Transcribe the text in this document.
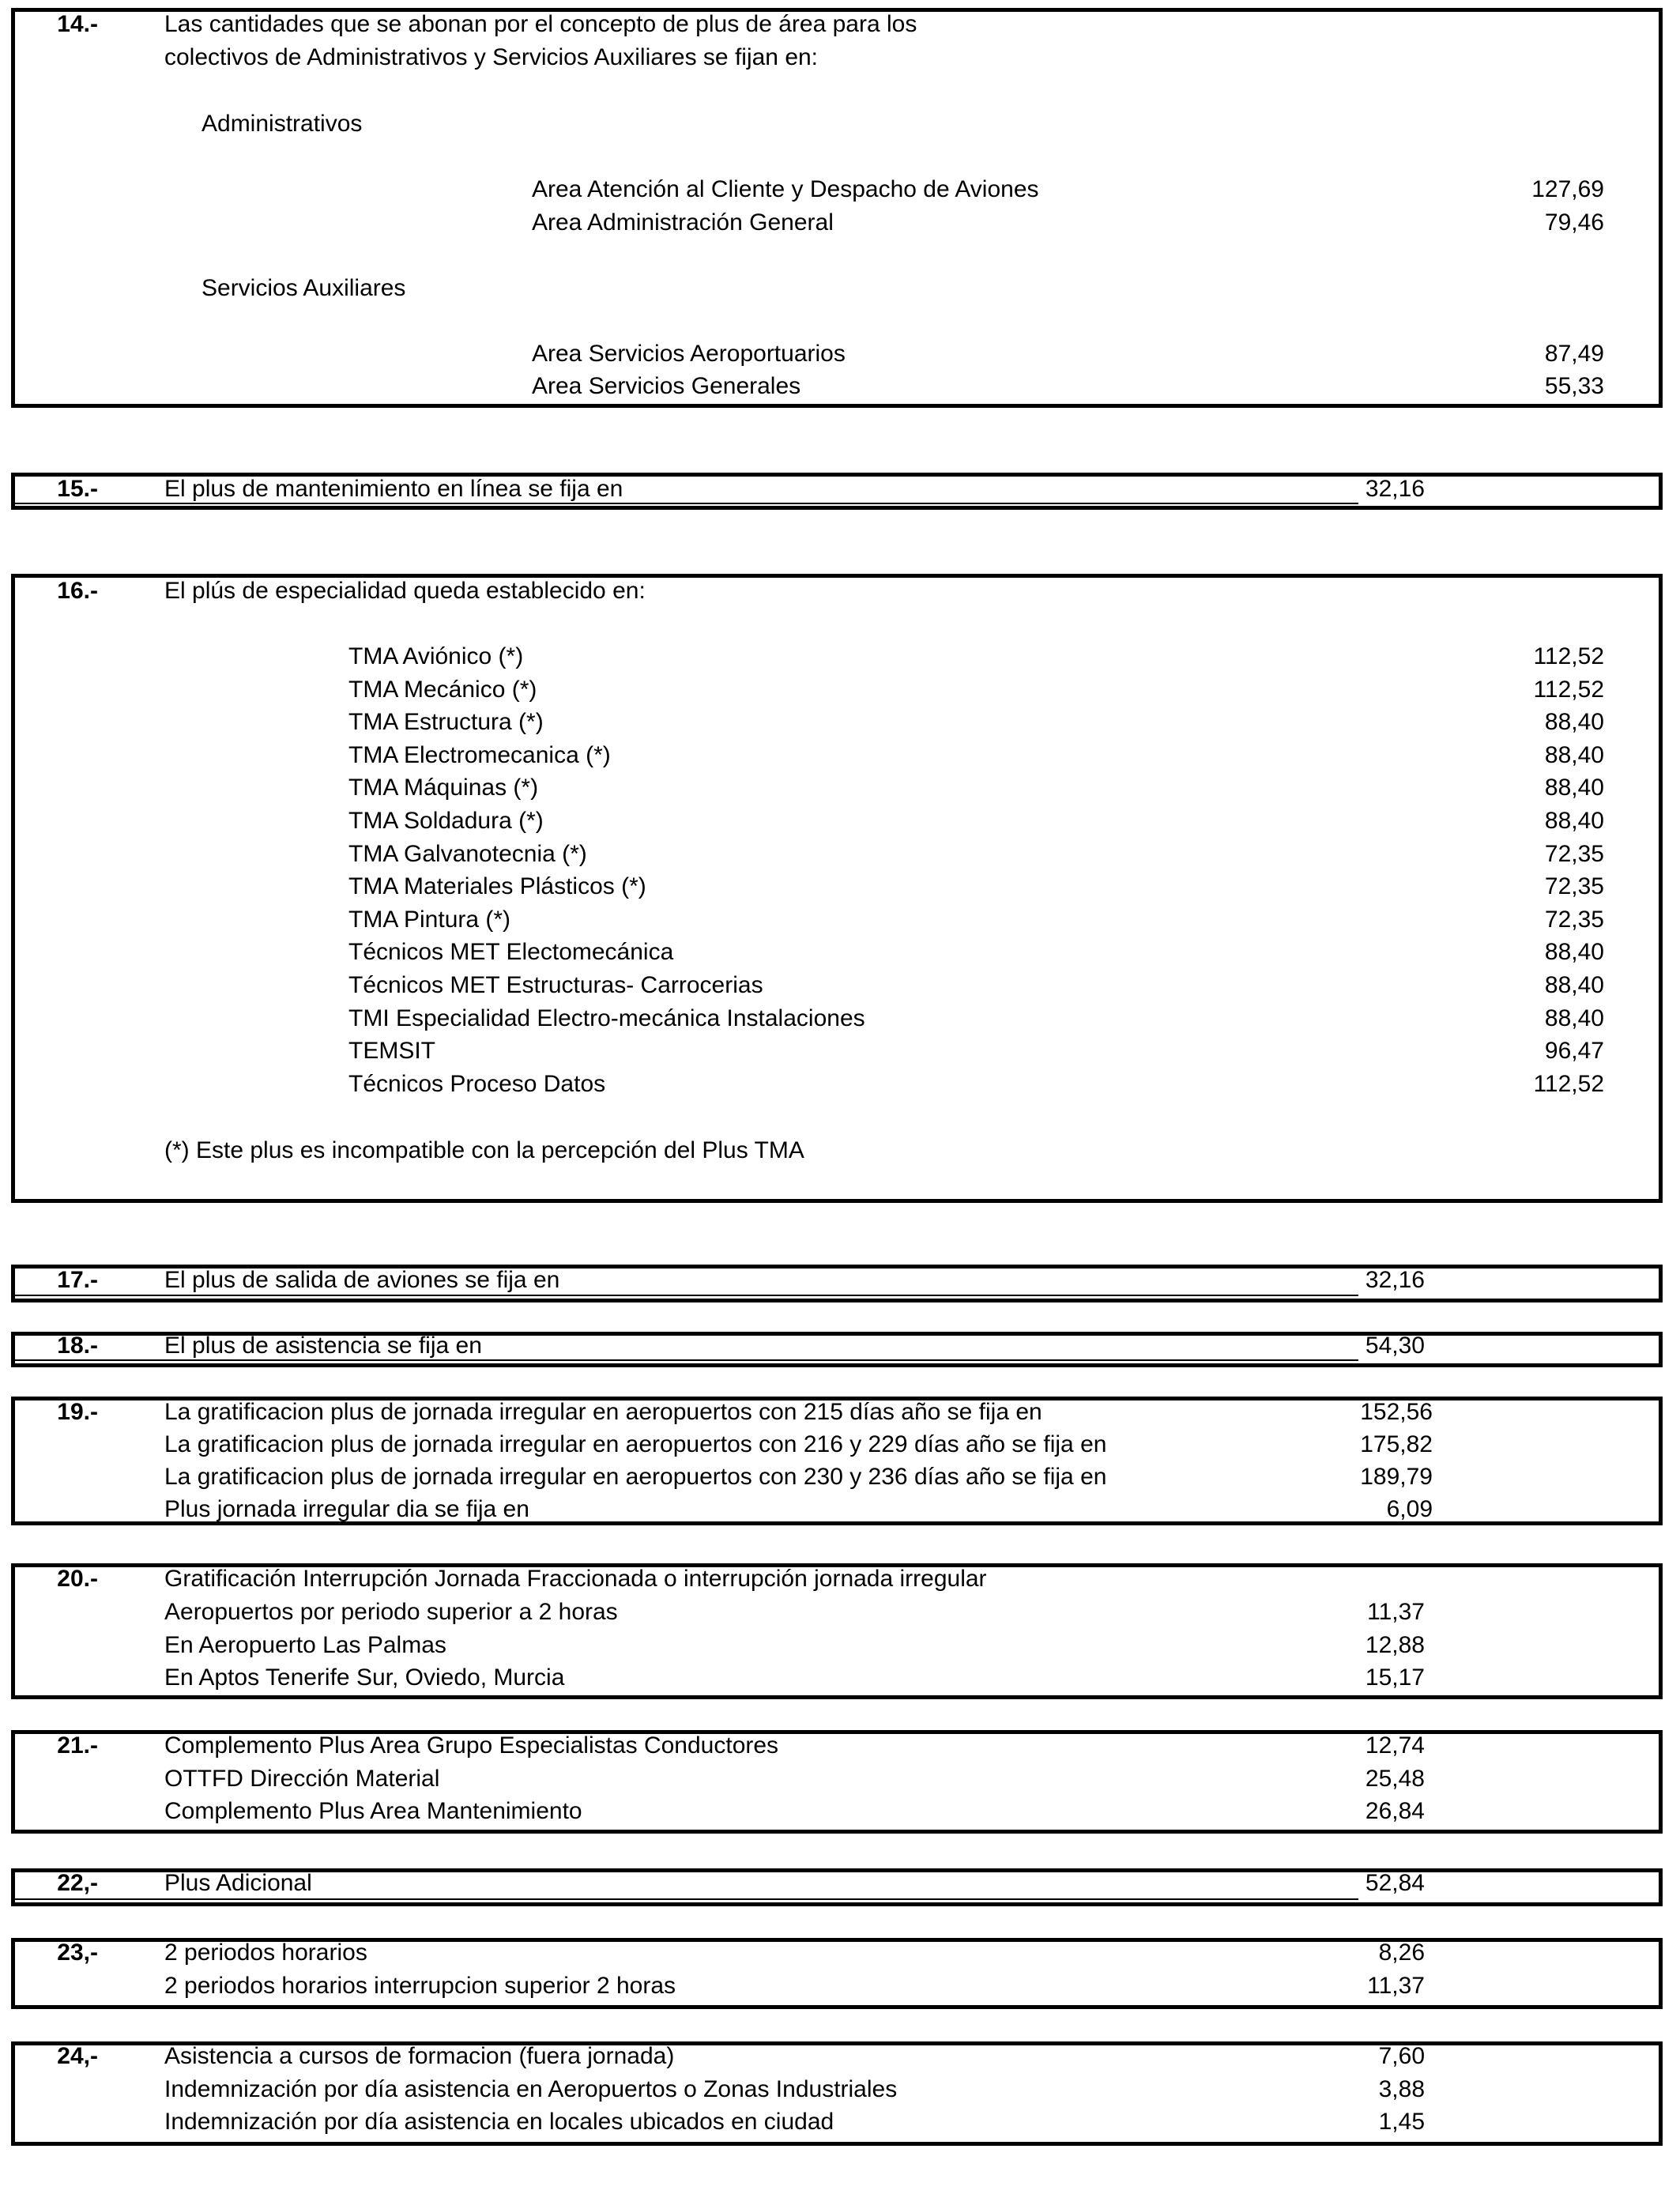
14.-	Las cantidades que se abonan por el concepto de plus de área para los
colectivos de Administrativos y Servicios Auxiliares se fijan en:
Administrativos
Area Atención al Cliente y Despacho de Aviones	127,69
Area Administración General	79,46
Servicios Auxiliares
Area Servicios Aeroportuarios	87,49
Area Servicios Generales	55,33
15.-	El plus de mantenimiento en línea se fija en	32,16
16.-	El plús de especialidad queda establecido en:
TMA Aviónico (*)	112,52
TMA Mecánico (*)	112,52
TMA Estructura (*)	88,40
TMA Electromecanica (*)	88,40
TMA Máquinas (*)	88,40
TMA Soldadura (*)	88,40
TMA Galvanotecnia (*)	72,35
TMA Materiales Plásticos (*)	72,35
TMA Pintura (*)	72,35
Técnicos MET Electomecánica	88,40
Técnicos MET Estructuras- Carrocerias	88,40
TMI Especialidad Electro-mecánica Instalaciones	88,40
TEMSIT	96,47
Técnicos Proceso Datos	112,52
(*) Este plus es incompatible con la percepción del Plus TMA
17.-	El plus de salida de aviones se fija en	32,16
18.-	El plus de asistencia se fija en	54,30
19.-	La gratificacion plus de jornada irregular en aeropuertos con 215 días año se fija en	152,56
La gratificacion plus de jornada irregular en aeropuertos con 216 y 229 días año se fija en	175,82
La gratificacion plus de jornada irregular en aeropuertos con 230 y 236 días año se fija en	189,79
Plus jornada irregular dia se fija en	6,09
20.-	Gratificación Interrupción Jornada Fraccionada o interrupción jornada irregular
Aeropuertos por periodo superior a 2 horas	11,37
En Aeropuerto Las Palmas	12,88
En Aptos Tenerife Sur, Oviedo, Murcia	15,17
21.-	Complemento Plus Area Grupo Especialistas Conductores	12,74
OTTFD Dirección Material	25,48
Complemento Plus Area Mantenimiento	26,84
22,-	Plus Adicional	52,84
23,-	2 periodos horarios	8,26
2 periodos horarios interrupcion superior 2 horas	11,37
24,-	Asistencia a cursos de formacion (fuera jornada)	7,60
Indemnización por día asistencia en Aeropuertos o Zonas Industriales	3,88
Indemnización por día asistencia en locales ubicados en ciudad	1,45
